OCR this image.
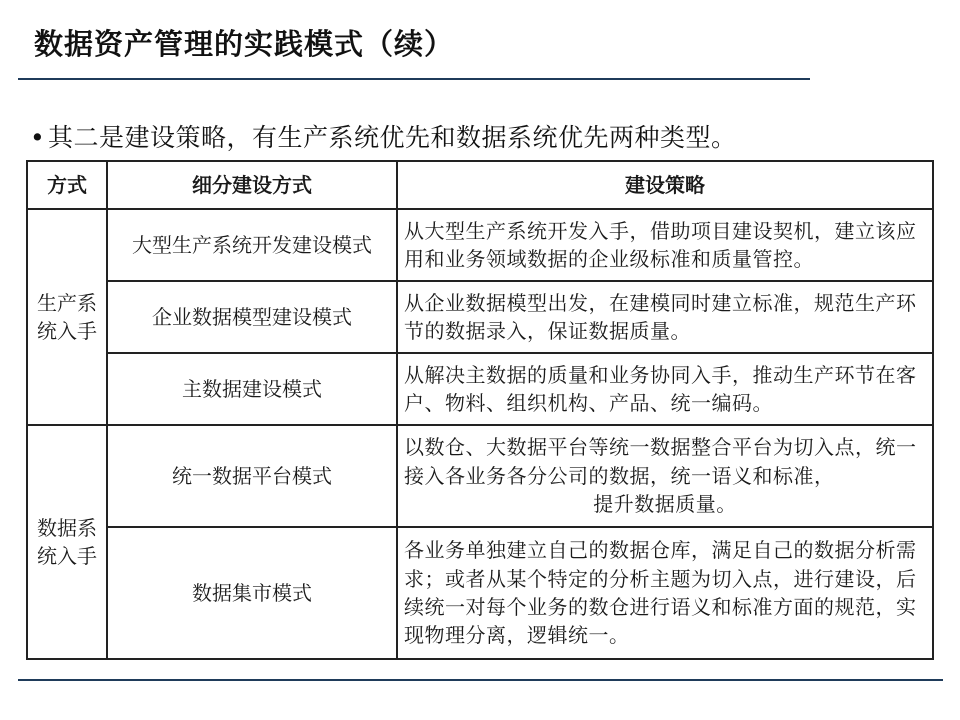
数据资产管理的实践模式（续）
• 其二是建设策略，有生产系统优先和数据系统优先两种类型。
方式	细分建设方式	建设策略
生产系统入手	大型生产系统开发建设模式	从大型生产系统开发入手，借助项目建设契机，建立该应用和业务领域数据的企业级标准和质量管控。
	企业数据模型建设模式	从企业数据模型出发，在建模同时建立标准，规范生产环节的数据录入，保证数据质量。
	主数据建设模式	从解决主数据的质量和业务协同入手，推动生产环节在客户、物料、组织机构、产品、统一编码。
数据系统入手	统一数据平台模式	以数仓、大数据平台等统一数据整合平台为切入点，统一接入各业务各分公司的数据，统一语义和标准，
提升数据质量。

	数据集市模式	各业务单独建立自己的数据仓库，满足自己的数据分析需求；或者从某个特定的分析主题为切入点，进行建设，后续统一对每个业务的数仓进行语义和标准方面的规范，实现物理分离，逻辑统一。
